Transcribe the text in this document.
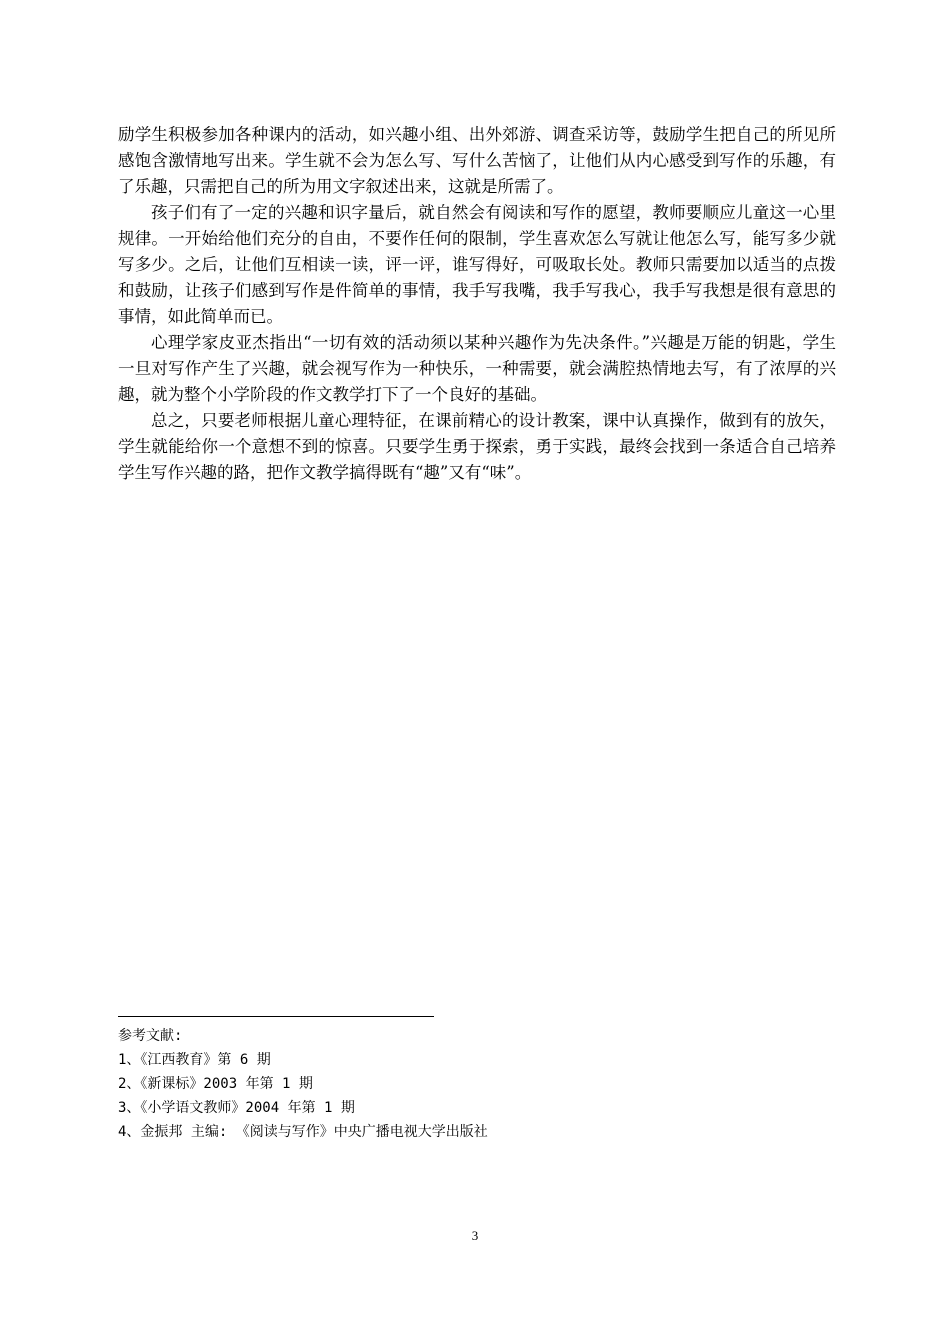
励学生积极参加各种课内的活动，如兴趣小组、出外郊游、调查采访等，鼓励学生把自己的所见所感饱含激情地写出来。学生就不会为怎么写、写什么苦恼了，让他们从内心感受到写作的乐趣，有了乐趣，只需把自己的所为用文字叙述出来，这就是所需了。

孩子们有了一定的兴趣和识字量后，就自然会有阅读和写作的愿望，教师要顺应儿童这一心里规律。一开始给他们充分的自由，不要作任何的限制，学生喜欢怎么写就让他怎么写，能写多少就写多少。之后，让他们互相读一读，评一评，谁写得好，可吸取长处。教师只需要加以适当的点拨和鼓励，让孩子们感到写作是件简单的事情，我手写我嘴，我手写我心，我手写我想是很有意思的事情，如此简单而已。

心理学家皮亚杰指出“一切有效的活动须以某种兴趣作为先决条件。”兴趣是万能的钥匙，学生一旦对写作产生了兴趣，就会视写作为一种快乐，一种需要，就会满腔热情地去写，有了浓厚的兴趣，就为整个小学阶段的作文教学打下了一个良好的基础。

总之，只要老师根据儿童心理特征，在课前精心的设计教案，课中认真操作，做到有的放矢，学生就能给你一个意想不到的惊喜。只要学生勇于探索，勇于实践，最终会找到一条适合自己培养学生写作兴趣的路，把作文教学搞得既有“趣”又有“味”。

参考文献:
1、《江西教育》第 6 期
2、《新课标》2003 年第 1 期
3、《小学语文教师》2004 年第 1 期
4、金振邦 主编: 《阅读与写作》中央广播电视大学出版社
3
